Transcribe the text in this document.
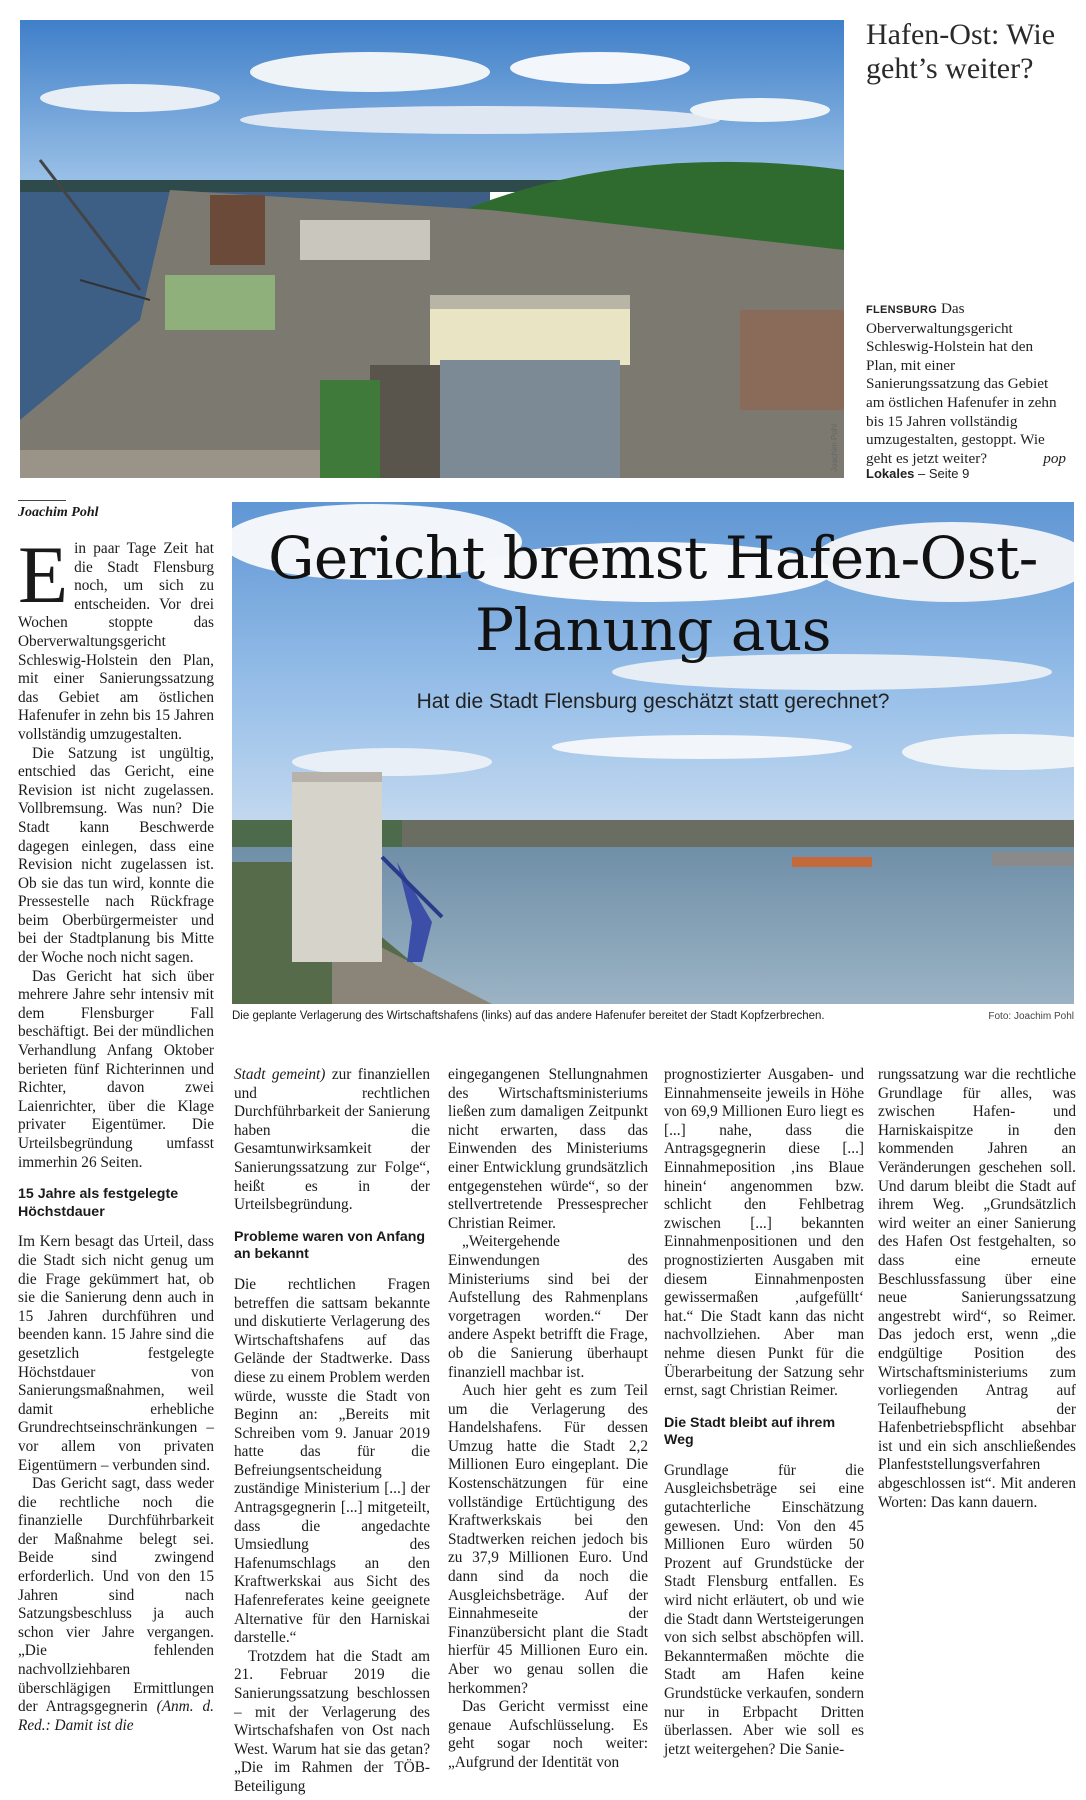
Joachim Pohl
Hafen-Ost: Wie geht’s weiter?

FLENSBURG Das Oberverwaltungsgericht Schleswig-Holstein hat den Plan, mit einer Sanierungssatzung das Gebiet am östlichen Hafenufer in zehn bis 15 Jahren vollständig umzugestalten, gestoppt. Wie geht es jetzt weiter?	pop

Lokales – Seite 9
Joachim Pohl
Gericht bremst Hafen-Ost-Planung aus
Hat die Stadt Flensburg geschätzt statt gerechnet?
Die geplante Verlagerung des Wirtschaftshafens (links) auf das andere Hafenufer bereitet der Stadt Kopfzerbrechen.	Foto: Joachim Pohl

Ein paar Tage Zeit hat die Stadt Flensburg noch, um sich zu entscheiden. Vor drei Wochen stoppte das Oberverwaltungsgericht Schleswig-Holstein den Plan, mit einer Sanierungssatzung das Gebiet am östlichen Hafenufer in zehn bis 15 Jahren vollständig umzugestalten.

Die Satzung ist ungültig, entschied das Gericht, eine Revision ist nicht zugelassen. Vollbremsung. Was nun? Die Stadt kann Beschwerde dagegen einlegen, dass eine Revision nicht zugelassen ist. Ob sie das tun wird, konnte die Pressestelle nach Rückfrage beim Oberbürgermeister und bei der Stadtplanung bis Mitte der Woche noch nicht sagen.

Das Gericht hat sich über mehrere Jahre sehr intensiv mit dem Flensburger Fall beschäftigt. Bei der mündlichen Verhandlung Anfang Oktober berieten fünf Richterinnen und Richter, davon zwei Laienrichter, über die Klage privater Eigentümer. Die Urteilsbegründung umfasst immerhin 26 Seiten.

15 Jahre als festgelegte Höchstdauer

Im Kern besagt das Urteil, dass die Stadt sich nicht genug um die Frage gekümmert hat, ob sie die Sanierung denn auch in 15 Jahren durchführen und beenden kann. 15 Jahre sind die gesetzlich festgelegte Höchstdauer von Sanierungsmaßnahmen, weil damit erhebliche Grundrechtseinschränkungen – vor allem von privaten Eigentümern – verbunden sind.

Das Gericht sagt, dass weder die rechtliche noch die finanzielle Durchführbarkeit der Maßnahme belegt sei. Beide sind zwingend erforderlich. Und von den 15 Jahren sind nach Satzungsbeschluss ja auch schon vier Jahre vergangen. „Die fehlenden nachvollziehbaren überschlägigen Ermittlungen der Antragsgegnerin (Anm. d. Red.: Damit ist die

Stadt gemeint) zur finanziellen und rechtlichen Durchführbarkeit der Sanierung haben die Gesamtunwirksamkeit der Sanierungssatzung zur Folge“, heißt es in der Urteilsbegründung.

Probleme waren von Anfang an bekannt

Die rechtlichen Fragen betreffen die sattsam bekannte und diskutierte Verlagerung des Wirtschaftshafens auf das Gelände der Stadtwerke. Dass diese zu einem Problem werden würde, wusste die Stadt von Beginn an: „Bereits mit Schreiben vom 9. Januar 2019 hatte das für die Befreiungsentscheidung zuständige Ministerium [...] der Antragsgegnerin [...] mitgeteilt, dass die angedachte Umsiedlung des Hafenumschlags an den Kraftwerkskai aus Sicht des Hafenreferates keine geeignete Alternative für den Harniskai darstelle.“

Trotzdem hat die Stadt am 21. Februar 2019 die Sanierungssatzung beschlossen – mit der Verlagerung des Wirtschafshafen von Ost nach West. Warum hat sie das getan? „Die im Rahmen der TÖB-Beteiligung

eingegangenen Stellungnahmen des Wirtschaftsministeriums ließen zum damaligen Zeitpunkt nicht erwarten, dass das Einwenden des Ministeriums einer Entwicklung grundsätzlich entgegenstehen würde“, so der stellvertretende Pressesprecher Christian Reimer.

„Weitergehende Einwendungen des Ministeriums sind bei der Aufstellung des Rahmenplans vorgetragen worden.“ Der andere Aspekt betrifft die Frage, ob die Sanierung überhaupt finanziell machbar ist.

Auch hier geht es zum Teil um die Verlagerung des Handelshafens. Für dessen Umzug hatte die Stadt 2,2 Millionen Euro eingeplant. Die Kostenschätzungen für eine vollständige Ertüchtigung des Kraftwerkskais bei den Stadtwerken reichen jedoch bis zu 37,9 Millionen Euro. Und dann sind da noch die Ausgleichsbeträge. Auf der Einnahmeseite der Finanzübersicht plant die Stadt hierfür 45 Millionen Euro ein. Aber wo genau sollen die herkommen?

Das Gericht vermisst eine genaue Aufschlüsselung. Es geht sogar noch weiter: „Aufgrund der Identität von

prognostizierter Ausgaben- und Einnahmenseite jeweils in Höhe von 69,9 Millionen Euro liegt es [...] nahe, dass die Antragsgegnerin diese [...] Einnahmeposition ‚ins Blaue hinein‘ angenommen bzw. schlicht den Fehlbetrag zwischen [...] bekannten Einnahmenpositionen und den prognostizierten Ausgaben mit diesem Einnahmenposten gewissermaßen ‚aufgefüllt‘ hat.“ Die Stadt kann das nicht nachvollziehen. Aber man nehme diesen Punkt für die Überarbeitung der Satzung sehr ernst, sagt Christian Reimer.

Die Stadt bleibt auf ihrem Weg

Grundlage für die Ausgleichsbeträge sei eine gutachterliche Einschätzung gewesen. Und: Von den 45 Millionen Euro würden 50 Prozent auf Grundstücke der Stadt Flensburg entfallen. Es wird nicht erläutert, ob und wie die Stadt dann Wertsteigerungen von sich selbst abschöpfen will. Bekanntermaßen möchte die Stadt am Hafen keine Grundstücke verkaufen, sondern nur in Erbpacht Dritten überlassen. Aber wie soll es jetzt weitergehen? Die Sanie-

rungssatzung war die rechtliche Grundlage für alles, was zwischen Hafen- und Harniskaispitze in den kommenden Jahren an Veränderungen geschehen soll. Und darum bleibt die Stadt auf ihrem Weg. „Grundsätzlich wird weiter an einer Sanierung des Hafen Ost festgehalten, so dass eine erneute Beschlussfassung über eine neue Sanierungssatzung angestrebt wird“, so Reimer. Das jedoch erst, wenn „die endgültige Position des Wirtschaftsministeriums zum vorliegenden Antrag auf Teilaufhebung der Hafenbetriebspflicht absehbar ist und ein sich anschließendes Planfeststellungsverfahren abgeschlossen ist“. Mit anderen Worten: Das kann dauern.
